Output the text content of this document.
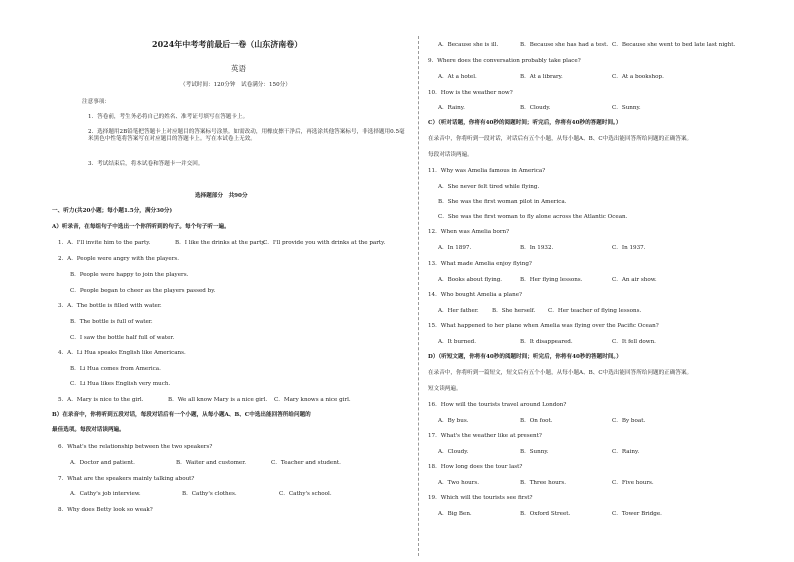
2024年中考考前最后一卷（山东济南卷）
英语
（考试时间：120分钟　试卷满分：150分）
注意事项：
1．答卷前，考生务必将自己的姓名、准考证号填写在答题卡上。
2．选择题用2B铅笔把答题卡上对应题目的答案标号涂黑。如需改动，用橡皮擦干净后，再选涂其他答案标号，非选择题用0.5毫米黑色中性笔将答案写在对应题目的答题卡上。写在本试卷上无效。
3．考试结束后，将本试卷和答题卡一并交回。
选择题部分　共90分
一、听力(共20小题；每小题1.5分，满分30分)
A）听录音，在每组句子中选出一个你所听到的句子。每个句子听一遍。
1．A．I'll invite him to the party.	B．I like the drinks at the party.
C．I'll provide you with drinks at the party.
2．A．People were angry with the players.
B．People were happy to join the players.
C．People began to cheer as the players passed by.
3．A．The bottle is filled with water.
B．The bottle is full of water.
C．I saw the bottle half full of water.
4．A．Li Hua speaks English like Americans.
B．Li Hua comes from America.
C．Li Hua likes English very much.
5．A．Mary is nice to the girl.	B．We all know Mary is a nice girl. C．Mary knows a nice girl.
B）在录音中，你将听到五段对话，每段对话后有一个小题，从每小题A、B、C中选出能回答所给问题的
最佳选项。每段对话读两遍。
6．What's the relationship between the two speakers?
A．Doctor and patient.	B．Waiter and customer.	C．Teacher and student.
7．What are the speakers mainly talking about?
A．Cathy's job interview.	B．Cathy's clothes.	C．Cathy's school.
8．Why does Betty look so weak?
A．Because she is ill.	B．Because she has had a test. C．Because she went to bed late last night.
9．Where does the conversation probably take place?
A．At a hotel.	B．At a library.	C．At a bookshop.
10．How is the weather now?
A．Rainy.	B．Cloudy.	C．Sunny.
C）（听对话题，你将有40秒的阅题时间；听完后，你将有40秒的答题时间。）
在录音中，你将听到一段对话，对话后有五个小题，从每小题A、B、C中选出能回答所给问题的正确答案。
每段对话读两遍。
11．Why was Amelia famous in America?
A．She never felt tired while flying.
B．She was the first woman pilot in America.
C．She was the first woman to fly alone across the Atlantic Ocean.
12．When was Amelia born?
A．In 1897.	B．In 1932.	C．In 1937.
13．What made Amelia enjoy flying?
A．Books about flying.	B．Her flying lessons.	C．An air show.
14．Who bought Amelia a plane?
A．Her father. B．She herself. C．Her teacher of flying lessons.
15．What happened to her plane when Amelia was flying over the Pacific Ocean?
A．It burned.	B．It disappeared.	C．It fell down.
D）（听短文题，你将有40秒的阅题时间；听完后，你将有40秒的答题时间。）
在录音中，你将听到一篇短文，短文后有五个小题，从每小题A、B、C中选出能回答所给问题的正确答案。
短文读两遍。
16．How will the tourists travel around London?
A．By bus.	B．On foot.	C．By boat.
17．What's the weather like at present?
A．Cloudy.	B．Sunny.	C．Rainy.
18．How long does the tour last?
A．Two hours.	B．Three hours.	C．Five hours.
19．Which will the tourists see first?
A．Big Ben.	B．Oxford Street.	C．Tower Bridge.
